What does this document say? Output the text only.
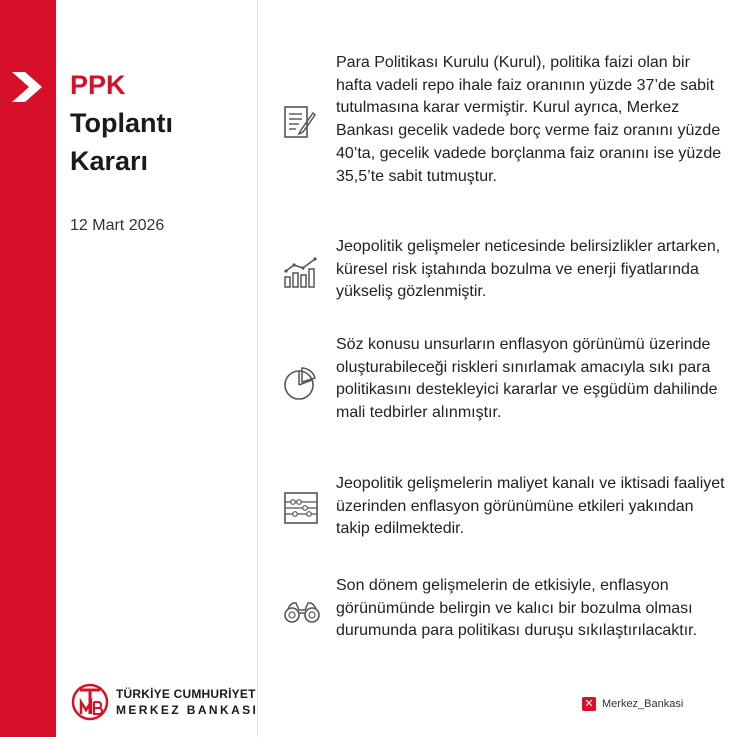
PPK
Toplantı
Kararı
12 Mart 2026
TÜRKİYE CUMHURİYET
MERKEZ BANKASI
Para Politikası Kurulu (Kurul), politika faizi olan bir hafta vadeli repo ihale faiz oranının yüzde 37’de sabit tutulmasına karar vermiştir. Kurul ayrıca, Merkez Bankası gecelik vadede borç verme faiz oranını yüzde 40’ta, gecelik vadede borçlanma faiz oranını ise yüzde 35,5’te sabit tutmuştur.
Jeopolitik gelişmeler neticesinde belirsizlikler artarken, küresel risk iştahında bozulma ve enerji fiyatlarında yükseliş gözlenmiştir.
Söz konusu unsurların enflasyon görünümü üzerinde oluşturabileceği riskleri sınırlamak amacıyla sıkı para politikasını destekleyici kararlar ve eşgüdüm dahilinde mali tedbirler alınmıştır.
Jeopolitik gelişmelerin maliyet kanalı ve iktisadi faaliyet üzerinden enflasyon görünümüne etkileri yakından takip edilmektedir.
Son dönem gelişmelerin de etkisiyle, enflasyon görünümünde belirgin ve kalıcı bir bozulma olması durumunda para politikası duruşu sıkılaştırılacaktır.
✕ Merkez_Bankasi
